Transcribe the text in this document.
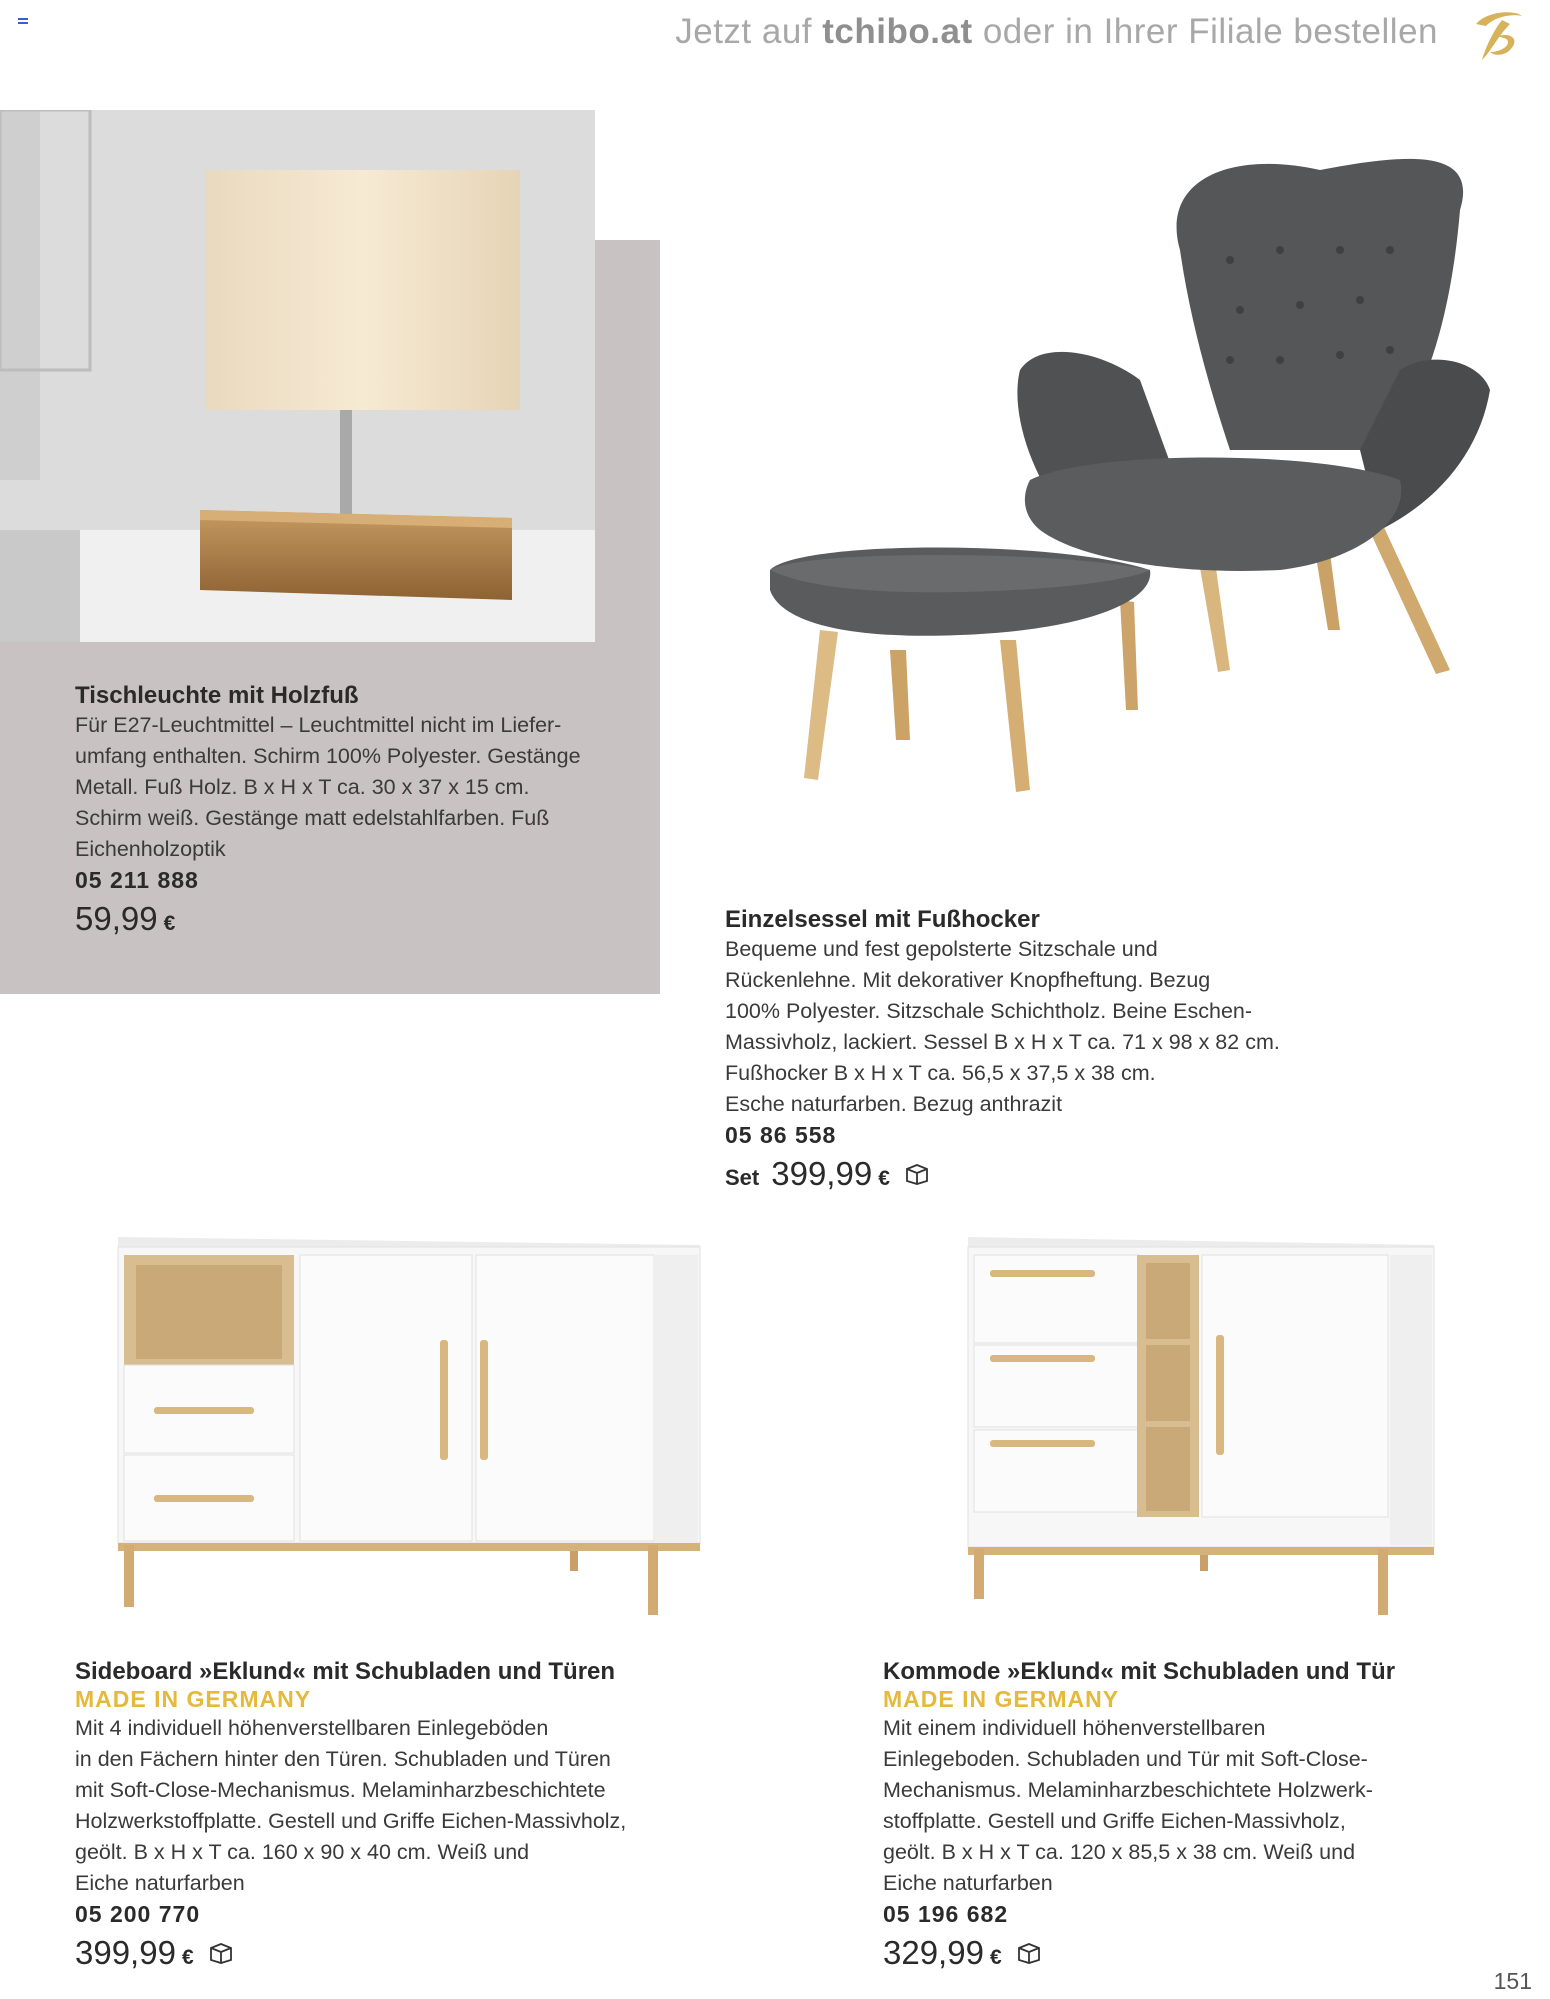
Jetzt auf tchibo.at oder in Ihrer Filiale bestellen
Tischleuchte mit Holzfuß

Für E27-Leuchtmittel – Leuchtmittel nicht im Liefer-
umfang enthalten. Schirm 100% Polyester. Gestänge
Metall. Fuß Holz. B x H x T ca. 30 x 37 x 15 cm.
Schirm weiß. Gestänge matt edelstahlfarben. Fuß
Eichenholzoptik

05 211 888

59,99 €	Einzelsessel mit Fußhocker

Bequeme und fest gepolsterte Sitzschale und
Rückenlehne. Mit dekorativer Knopfheftung. Bezug
100% Polyester. Sitzschale Schichtholz. Beine Eschen-
Massivholz, lackiert. Sessel B x H x T ca. 71 x 98 x 82 cm.
Fußhocker B x H x T ca. 56,5 x 37,5 x 38 cm.
Esche naturfarben. Bezug anthrazit

05 86 558

Set 399,99 €
Sideboard »Eklund« mit Schubladen und Türen

MADE IN GERMANY

Mit 4 individuell höhenverstellbaren Einlegeböden
in den Fächern hinter den Türen. Schubladen und Türen
mit Soft-Close-Mechanismus. Melaminharzbeschichtete
Holzwerkstoffplatte. Gestell und Griffe Eichen-Massivholz,
geölt. B x H x T ca. 160 x 90 x 40 cm. Weiß und
Eiche naturfarben

05 200 770

399,99 €
Kommode »Eklund« mit Schubladen und Tür

MADE IN GERMANY

Mit einem individuell höhenverstellbaren
Einlegeboden. Schubladen und Tür mit Soft-Close-
Mechanismus. Melaminharzbeschichtete Holzwerk-
stoffplatte. Gestell und Griffe Eichen-Massivholz,
geölt. B x H x T ca. 120 x 85,5 x 38 cm. Weiß und
Eiche naturfarben

05 196 682

329,99 €
151
